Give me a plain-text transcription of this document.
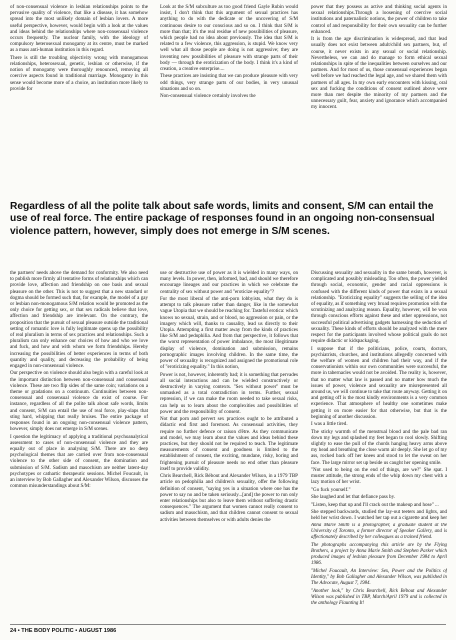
of non-consensual violence in lesbian relationships points to the pervasive quality of violence, that like a disease, it has somehow spread into the most unlikely domain of lesbian lovers. A more useful perspective, however, would begin with a look at the values and ideas behind the relationships where non-consensual violence occurs frequently. The nuclear family, with the ideology of compulsory heterosexual monogamy at its centre, must be marked as a mass anti-human institution in this regard.

There is still the troubling objectivity wrong with monogamous relationships, heterosexual, genetic, lesbian or otherwise, if the notion of monogamy were thoroughly renounced, removing all coercive aspects found in traditional marriage. Monogamy in this sense would become more of a choice, an institution more likely to provide for

Look at the S/M subculture as too good friend Gayle Rubin would insist, I don't think that this argument of sexual practices has anything to do with the dedicate or the uncovering of S/M continuous desire to our conscious and so on. I think that S/M is more than that; it's the real residue of new possibilities of pleasure, which people had no idea about previously. The idea that S/M is related to a few violence, this aggression, is stupid. We know very well what all those people are doing is not aggressive; they are inventing new possibilities of pleasure with strange parts of their body — through the eroticization of the body. I think it's a kind of creation, a creative enterprise....

These practices are insisting that we can produce pleasure with very odd things, very strange parts of our bodies, in very unusual situations and so on.

Non-consensual violence certainly involves the

power that they possess as active and thinking social agents in sexual relationships.Through a loosening of coercive social institutions and paternalistic notions, the power of children to take control of and responsibility for their own sexuality can be further enhanced.

It is from the age discrimination is widespread, and that lead usually does not exist between adult/child sex partners, but, of course, it never exists in any sexual or social relationship. Nevertheless, we can and do manage to form ethical sexual relationships in spite of the inequalities between ourselves and our partners. And for most of us, those consensual experiences began well before we had reached the legal age, and we shared them with partners of all ages. In my own early encounters with kissing, oral sex and fucking the conditions of consent outlined above were more than met despite the minority of my partners and the unnecessary guilt, fear, anxiety and ignorance which accompanied my innocent.

Regardless of all the polite talk about safe words, limits and consent, S/M can entail the use of real force. The entire package of responses found in an ongoing non-consensual violence pattern, however, simply does not emerge in S/M scenes.

the partners' needs above the demand for conformity. We also need to publish more firmly all tentative forms of relationships which can provide love, affection and friendship on one basis and sexual pleasure on the other. This is not to suggest that a new standard or dogma should be formed such that, for example, the model of a gay or lesbian non-monogamous S/M relation would be promoted as the only choice for getting sex, or that sex radicals believe that love, affection and friendship are irrelevant. On the contrary, the proposition that the pursuit of sexual pleasure outside the traditional setting of romantic love is fully legitimate opens up the possibility of real pluralism in terms of sex practices and relationships. Such a pluralism can only enhance our choices of how and who we love and fuck, and how and with whom we form friendships. Hereby increasing the possibilities of better experiences in terms of both quantity and quality, and decreasing the probability of being engaged in non-consensual violence.

Our perspective on violence should also begin with a careful look at the important distinction between non-consensual and consensual violence. These are two flip sides of the same coin; variations on a theme or gradations on a continuum. Continuities between non-consensual and consensual violence do exist of course. For instance, regardless of all the polite talk about safe words, limits and consent, S/M can entail the use of real force, play-slaps that sting hard, whipping that really bruises. The entire package of responses found in an ongoing non-consensual violence pattern, however, simply does not emerge in S/M scenes.

I question the legitimacy of applying a traditional psychoanalytical assessment to cases of non-consensual violence and they are equally out of place in analysing S/M. There are no deep psychological themes that are carried over from non-consensual violence to the other side of consent, the domination and submission of S/M. Sadism and masochism are neither latent-day psychotypes or cathartic therapeutic sessions. Michel Foucault, in an interview by Bob Gallagher and Alexander Wilson, discusses the common misunderstandings about S/M:

use or destructive use of power as it is wielded in many ways, on many levels. In power, then, informed, bad, and should we therefore encourage lineages and our practices in which we celebrate the centrality of sex without power and "eroticize equality"?

For the most liberal of the anti-porn lobbyists, what they do is attempt to talk pleasure rather than danger, like in the somewhat vague Utopia that we should be reaching for. Tasteful erotica: which knows no sexual, strain, and or blood, no aggression or pain, or the imagery which will, thanks to causality, lead us directly to their Utopia. Attempting a first matter away from the kinds of practices like S/M and pedophilia. And from that perspective, it follows that the worst representation of power imbalance, the most illegitimate display of violence, domination and submission, remains pornographic images involving children. In the same time, the power of sexuality is recognized and assigned the promotional role of "eroticizing equality." In this notion,

Power is not, however, inherently bad; it is something that pervades all social interactions and can be wielded constructively or destructively in varying contexts. "Sex without power" must be unmasked as a total contradiction in terms. Further, sexual repression, if we can make the room needed to take sexual risks, can help us to learn about the complexities and possibilities of power and the responsibility of consent.

Not that porn and pervert sex practices ought to be attributed a didactic end first and foremost. As consensual activities, they require no further defence or raison d'être. As they communicate and model, we may learn about the values and ideas behind these practices, but they should not be required to teach. The legitimate measurements of consent and goodness is limited to the establishment of consent, the exciting, mundane, risky, boring and frightening pursuit of pleasure needs no end other than pleasure itself to provide validity.

Chris Bearchell, Rick Bébout and Alexander Wilson, in a 1979 TBP article on pedophilia and children's sexuality, offer the following definition of consent, "saying yes in a situation where one has the power to say no and be taken seriously...[and] the power to run only enter relationships but also to leave them without suffering drastic consequences." The argument that women cannot really consent to sadism and masochism, and that children cannot consent to sexual activities between themselves or with adults denies the

Discussing sexuality and sexuality in the same breath, however, is complicated and possibly misleading. Too often, the power yielded through social, economic, gender and racial oppressions is confused with the different kinds of power that exists in a sexual relationship. "Eroticizing equality" suggests the selling of the idea of equality, as if something very broad requires promotion with the scrutinizing and analyzing reason. Equality, however, will be won through conscious efforts against these and other oppressions, not successful political advertising gadgets harnessing the seduction of sexuality. These kinds of efforts should be analyzed with the mere respect for the participants involved whose political goals do not require didactic or kidspackaging.

I suppose that if the politicians, police, courts, doctors, psychiatrists, churches, and institutions allegedly concerned with the welfare of women and children had their way, and if the conservationists within our own communities were successful, the more in tabernacles would not be avoided. The reality is, however, that no matter what law is passed and no matter how much the issues of power, violence and sexuality are misrepresented all around us, we will continue to take that route anyway. Getting it on and getting off is the most kindly environments is a very common experience. That atmosphere of healthy one sometimes make getting it on more easier for that otherwise, but that is the beginning of another discussion.

I was a little tired.

The sticky warmth of the menstrual blood and the pale bad ran down my legs and splashed my feet began to cool slowly. Shifting slightly to ease the pull of the chords hanging heavy arms above my head and breathing the close warm air deeply. She let go of my ass, rocked back off her knees and stood to let the sweat on her face. The large mirror set up beside us caught her opening smile.

"Not used to being on the end of things, are we?" She spat. I muster attitude, the strong ends of the whip down my chest with a lazy motion of her wrist.

"Go fuck yourself."

She laughed and let that defiance pass by.

"Listen, keep that up and I'll crack out the makeup and hose" ...

She stepped backwards, studied the lay-out teeters and lights, and held her wrist down. I watched her tap out a cigarette and keep her

Anna Marie Smith is a photographer, a graduate student at the University of Toronto, a former director of Speaker Gallery, and is affectionately described by her colleagues as a trained friend.

The photographs accompanying this article are by the Flying Brothers, a project by Anna Marie Smith and Stephen Parker which produced images of lesbian pleasure from December 1984 to April 1986.

"Michel Foucault, An Interview: Sex, Power and the Politics of Identity," by Bob Gallagher and Alexander Wilson, was published in The Advocate, August 7, 1984.

"Another look," by Chris Bearchell, Rick Bébout and Alexander Wilson was published in TBP, March/April 1979 and is collected in the anthology Flaunting It!

24 • THE BODY POLITIC • AUGUST 1986
